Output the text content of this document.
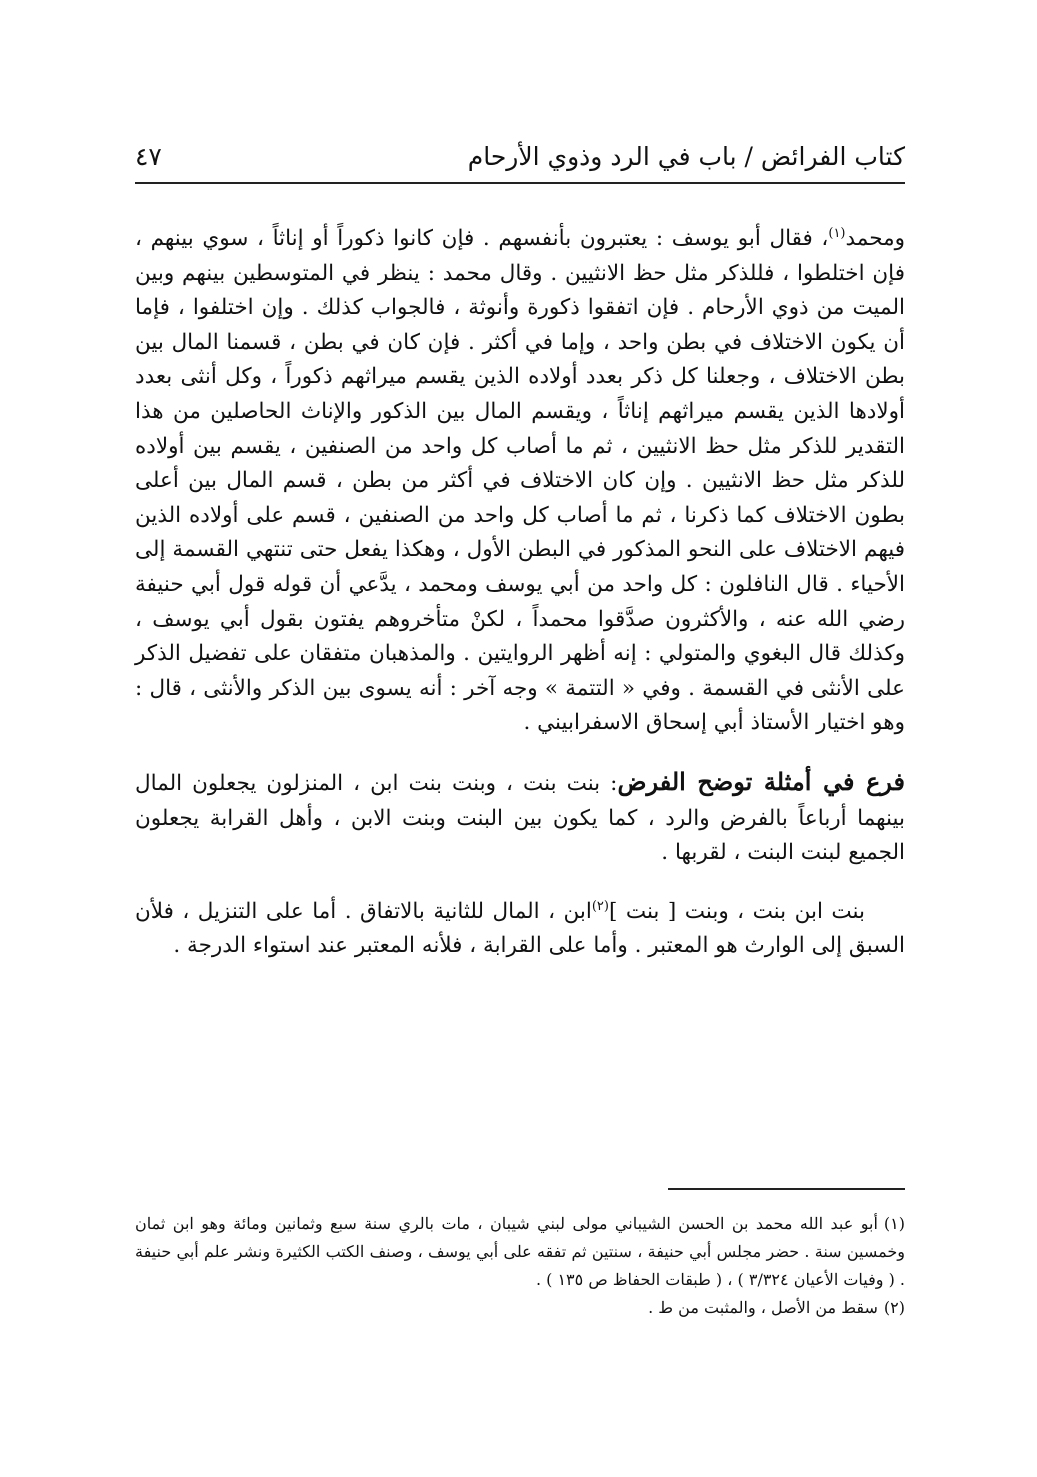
كتاب الفرائض / باب في الرد وذوي الأرحام
٤٧

ومحمد$^{(١)}$، فقال أبو يوسف : يعتبرون بأنفسهم . فإن كانوا ذكوراً أو إناثاً ، سوي بينهم ، فإن اختلطوا ، فللذكر مثل حظ الانثيين . وقال محمد : ينظر في المتوسطين بينهم وبين الميت من ذوي الأرحام . فإن اتفقوا ذكورة وأنوثة ، فالجواب كذلك . وإن اختلفوا ، فإما أن يكون الاختلاف في بطن واحد ، وإما في أكثر . فإن كان في بطن ، قسمنا المال بين بطن الاختلاف ، وجعلنا كل ذكر بعدد أولاده الذين يقسم ميراثهم ذكوراً ، وكل أنثى بعدد أولادها الذين يقسم ميراثهم إناثاً ، ويقسم المال بين الذكور والإناث الحاصلين من هذا التقدير للذكر مثل حظ الانثيين ، ثم ما أصاب كل واحد من الصنفين ، يقسم بين أولاده للذكر مثل حظ الانثيين . وإن كان الاختلاف في أكثر من بطن ، قسم المال بين أعلى بطون الاختلاف كما ذكرنا ، ثم ما أصاب كل واحد من الصنفين ، قسم على أولاده الذين فيهم الاختلاف على النحو المذكور في البطن الأول ، وهكذا يفعل حتى تنتهي القسمة إلى الأحياء . قال النافلون : كل واحد من أبي يوسف ومحمد ، يدَّعي أن قوله قول أبي حنيفة رضي الله عنه ، والأكثرون صدَّقوا محمداً ، لكنْ متأخروهم يفتون بقول أبي يوسف ، وكذلك قال البغوي والمتولي : إنه أظهر الروايتين . والمذهبان متفقان على تفضيل الذكر على الأنثى في القسمة . وفي « التتمة » وجه آخر : أنه يسوى بين الذكر والأنثى ، قال : وهو اختيار الأستاذ أبي إسحاق الاسفرابيني .

فرع في أمثلة توضح الفرض: بنت بنت ، وبنت بنت ابن ، المنزلون يجعلون المال بينهما أرباعاً بالفرض والرد ، كما يكون بين البنت وبنت الابن ، وأهل القرابة يجعلون الجميع لبنت البنت ، لقربها .

بنت ابن بنت ، وبنت [ بنت ]$^{(٢)}$ابن ، المال للثانية بالاتفاق . أما على التنزيل ، فلأن السبق إلى الوارث هو المعتبر . وأما على القرابة ، فلأنه المعتبر عند استواء الدرجة .

(١)أبو عبد الله محمد بن الحسن الشيباني مولى لبني شيبان ، مات بالري سنة سبع وثمانين ومائة وهو ابن ثمان وخمسين سنة . حضر مجلس أبي حنيفة ، سنتين ثم تفقه على أبي يوسف ، وصنف الكتب الكثيرة ونشر علم أبي حنيفة . ( وفيات الأعيان ٣/٣٢٤ ) ، ( طبقات الحفاظ ص ١٣٥ ) .

(٢)سقط من الأصل ، والمثبت من ط .
